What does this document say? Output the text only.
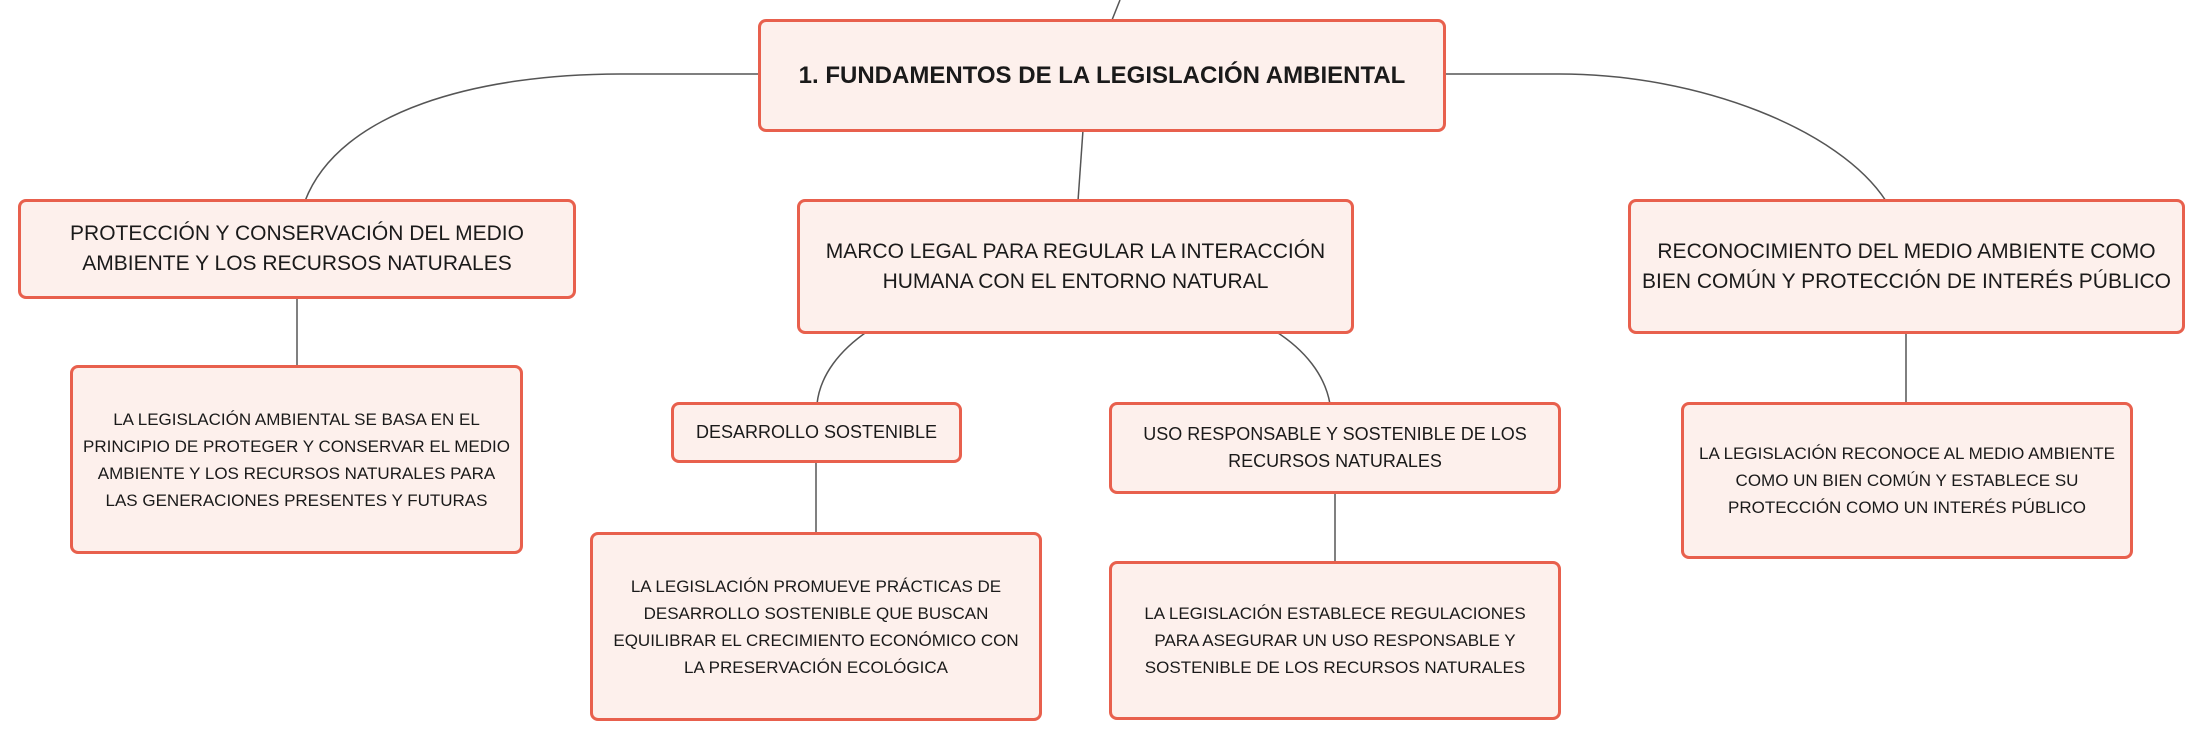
1. FUNDAMENTOS DE LA LEGISLACIÓN AMBIENTAL
PROTECCIÓN Y CONSERVACIÓN DEL MEDIO AMBIENTE Y LOS RECURSOS NATURALES
MARCO LEGAL PARA REGULAR LA INTERACCIÓN HUMANA CON EL ENTORNO NATURAL
RECONOCIMIENTO DEL MEDIO AMBIENTE COMO BIEN COMÚN Y PROTECCIÓN DE INTERÉS PÚBLICO
LA LEGISLACIÓN AMBIENTAL SE BASA EN EL PRINCIPIO DE PROTEGER Y CONSERVAR EL MEDIO AMBIENTE Y LOS RECURSOS NATURALES PARA LAS GENERACIONES PRESENTES Y FUTURAS
DESARROLLO SOSTENIBLE	USO RESPONSABLE Y SOSTENIBLE DE LOS RECURSOS NATURALES
LA LEGISLACIÓN PROMUEVE PRÁCTICAS DE DESARROLLO SOSTENIBLE QUE BUSCAN EQUILIBRAR EL CRECIMIENTO ECONÓMICO CON LA PRESERVACIÓN ECOLÓGICA
LA LEGISLACIÓN ESTABLECE REGULACIONES PARA ASEGURAR UN USO RESPONSABLE Y SOSTENIBLE DE LOS RECURSOS NATURALES
LA LEGISLACIÓN RECONOCE AL MEDIO AMBIENTE COMO UN BIEN COMÚN Y ESTABLECE SU PROTECCIÓN COMO UN INTERÉS PÚBLICO
